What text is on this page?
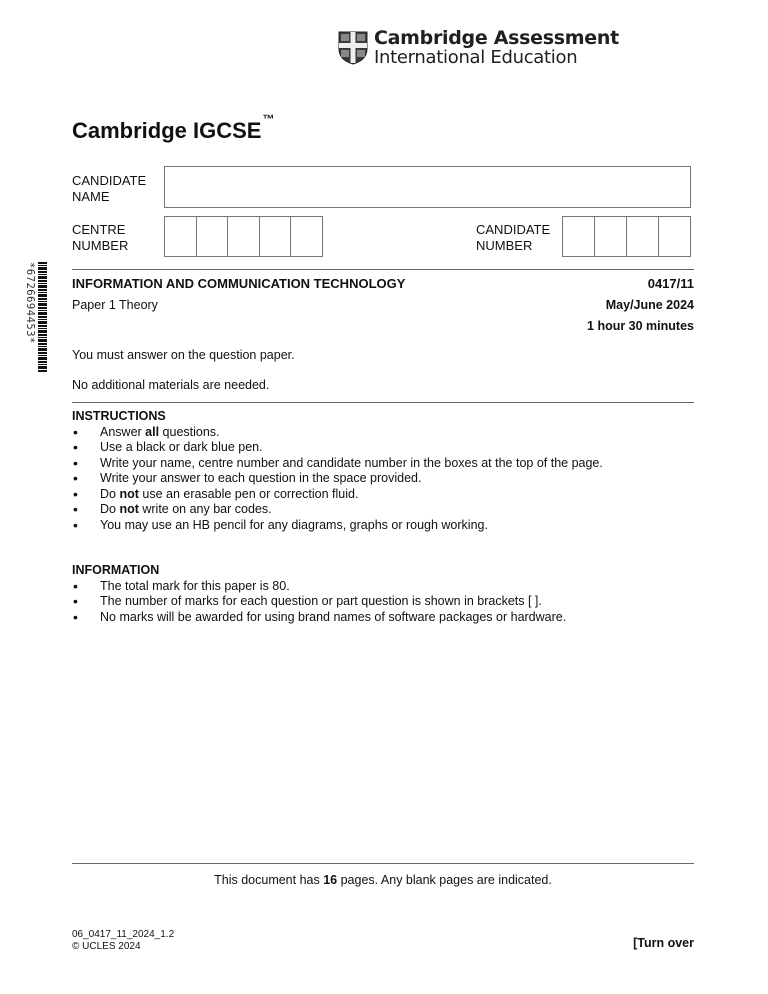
Cambridge Assessment
International Education
Cambridge IGCSE™
CANDIDATE
NAME
CENTRE
NUMBER
CANDIDATE
NUMBER
*6726694453*	INFORMATION AND COMMUNICATION TECHNOLOGY	0417/11
Paper 1 Theory	May/June 2024
1 hour 30 minutes
You must answer on the question paper.
No additional materials are needed.
INSTRUCTIONS
• Answer all questions.
• Use a black or dark blue pen.
• Write your name, centre number and candidate number in the boxes at the top of the page.
• Write your answer to each question in the space provided.
• Do not use an erasable pen or correction fluid.
• Do not write on any bar codes.
• You may use an HB pencil for any diagrams, graphs or rough working.
INFORMATION
• The total mark for this paper is 80.
• The number of marks for each question or part question is shown in brackets [ ].
• No marks will be awarded for using brand names of software packages or hardware.
This document has 16 pages. Any blank pages are indicated.
06_0417_11_2024_1.2
© UCLES 2024	[Turn over
